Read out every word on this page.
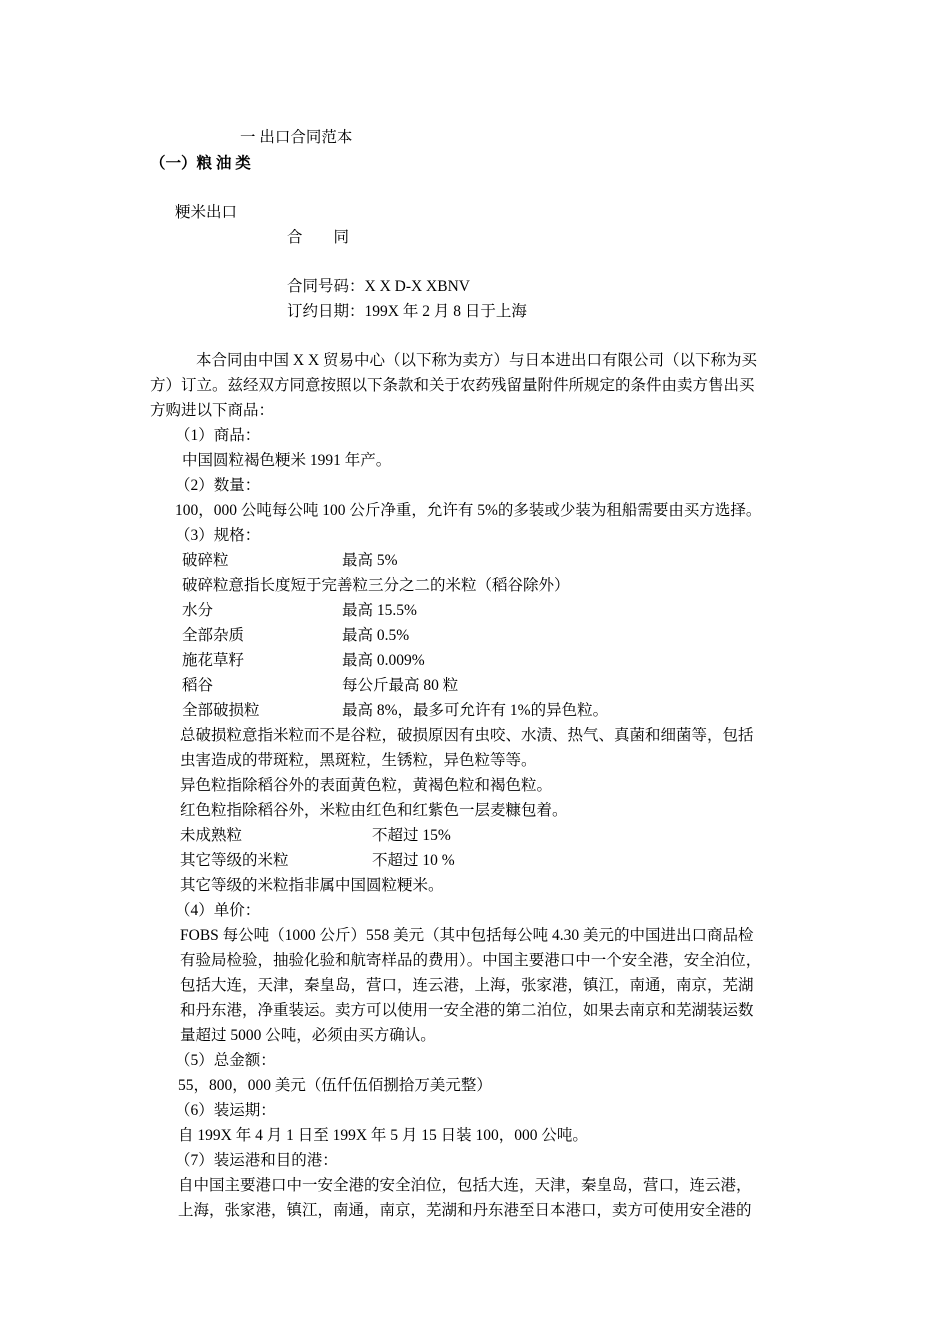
一 出口合同范本
（一）粮 油 类
粳米出口
合　　同
合同号码：X X D-X XBNV
订约日期：199X 年 2 月 8 日于上海
本合同由中国 X X 贸易中心（以下称为卖方）与日本进出口有限公司（以下称为买
方）订立。兹经双方同意按照以下条款和关于农药残留量附件所规定的条件由卖方售出买
方购进以下商品：
（1）商品：
中国圆粒褐色粳米 1991 年产。
（2）数量：
100，000 公吨每公吨 100 公斤净重，允许有 5%的多装或少装为租船需要由买方选择。
（3）规格：
破碎粒	最高 5%
破碎粒意指长度短于完善粒三分之二的米粒（稻谷除外）
水分	最高 15.5%
全部杂质	最高 0.5%
施花草籽	最高 0.009%
稻谷	每公斤最高 80 粒
全部破损粒	最高 8%，最多可允许有 1%的异色粒。
总破损粒意指米粒而不是谷粒，破损原因有虫咬、水渍、热气、真菌和细菌等，包括
虫害造成的带斑粒，黑斑粒，生锈粒，异色粒等等。
异色粒指除稻谷外的表面黄色粒，黄褐色粒和褐色粒。
红色粒指除稻谷外，米粒由红色和红紫色一层麦糠包着。
未成熟粒	不超过 15%
其它等级的米粒	不超过 10 %
其它等级的米粒指非属中国圆粒粳米。
（4）单价：
FOBS 每公吨（1000 公斤）558 美元（其中包括每公吨 4.30 美元的中国进出口商品检
有验局检验，抽验化验和航寄样品的费用）。中国主要港口中一个安全港，安全泊位，
包括大连，天津，秦皇岛，营口，连云港，上海，张家港，镇江，南通，南京，芜湖
和丹东港，净重装运。卖方可以使用一安全港的第二泊位，如果去南京和芜湖装运数
量超过 5000 公吨，必须由买方确认。
（5）总金额：
55，800，000 美元（伍仟伍佰捌拾万美元整）
（6）装运期：
自 199X 年 4 月 1 日至 199X 年 5 月 15 日装 100，000 公吨。
（7）装运港和目的港：
自中国主要港口中一安全港的安全泊位，包括大连，天津，秦皇岛，营口，连云港，
上海，张家港，镇江，南通，南京，芜湖和丹东港至日本港口，卖方可使用安全港的
